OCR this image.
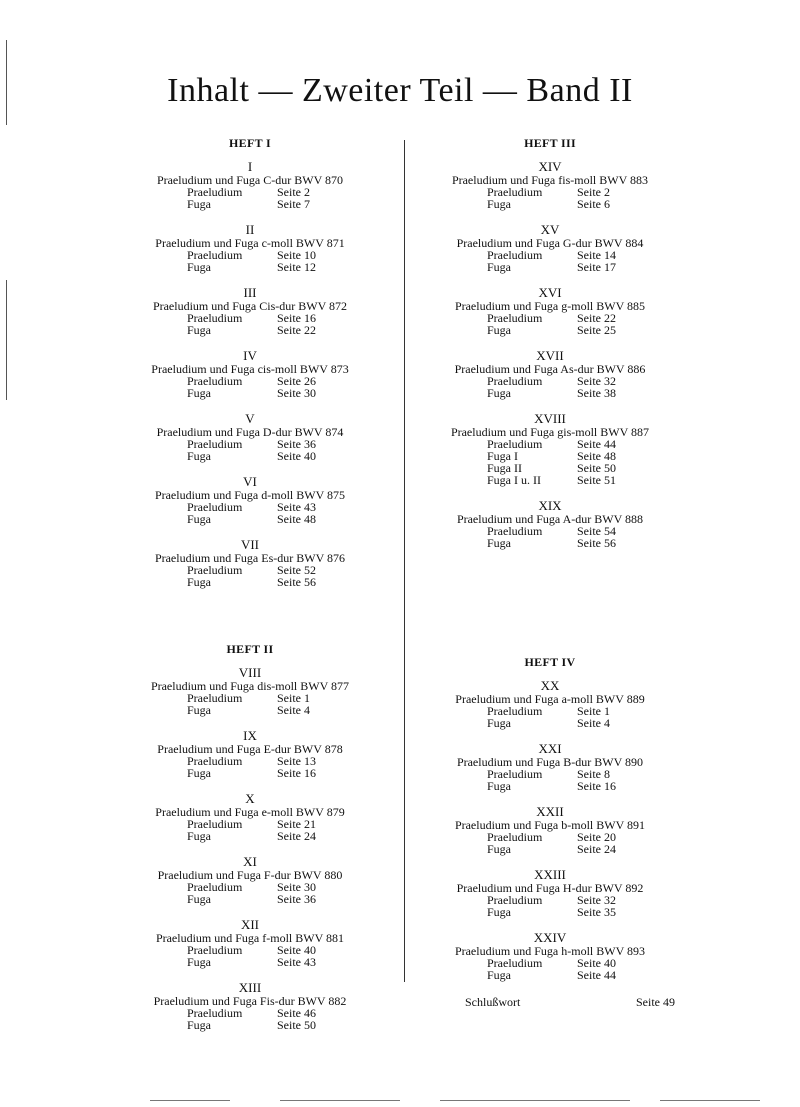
Inhalt — Zweiter Teil — Band II
HEFT I
I
Praeludium und Fuga C-dur BWV 870
Praeludium	Seite 2
Fuga	Seite 7
II
Praeludium und Fuga c-moll BWV 871
Praeludium	Seite 10
Fuga	Seite 12
III
Praeludium und Fuga Cis-dur BWV 872
Praeludium	Seite 16
Fuga	Seite 22
IV
Praeludium und Fuga cis-moll BWV 873
Praeludium	Seite 26
Fuga	Seite 30
V
Praeludium und Fuga D-dur BWV 874
Praeludium	Seite 36
Fuga	Seite 40
VI
Praeludium und Fuga d-moll BWV 875
Praeludium	Seite 43
Fuga	Seite 48
VII
Praeludium und Fuga Es-dur BWV 876
Praeludium	Seite 52
Fuga	Seite 56
HEFT II
VIII
Praeludium und Fuga dis-moll BWV 877
Praeludium	Seite 1
Fuga	Seite 4
IX
Praeludium und Fuga E-dur BWV 878
Praeludium	Seite 13
Fuga	Seite 16
X
Praeludium und Fuga e-moll BWV 879
Praeludium	Seite 21
Fuga	Seite 24
XI
Praeludium und Fuga F-dur BWV 880
Praeludium	Seite 30
Fuga	Seite 36
XII
Praeludium und Fuga f-moll BWV 881
Praeludium	Seite 40
Fuga	Seite 43
XIII
Praeludium und Fuga Fis-dur BWV 882
Praeludium	Seite 46
Fuga	Seite 50
HEFT III
XIV
Praeludium und Fuga fis-moll BWV 883
Praeludium	Seite 2
Fuga	Seite 6
XV
Praeludium und Fuga G-dur BWV 884
Praeludium	Seite 14
Fuga	Seite 17
XVI
Praeludium und Fuga g-moll BWV 885
Praeludium	Seite 22
Fuga	Seite 25
XVII
Praeludium und Fuga As-dur BWV 886
Praeludium	Seite 32
Fuga	Seite 38
XVIII
Praeludium und Fuga gis-moll BWV 887
Praeludium	Seite 44
Fuga I	Seite 48
Fuga II	Seite 50
Fuga I u. II	Seite 51
XIX
Praeludium und Fuga A-dur BWV 888
Praeludium	Seite 54
Fuga	Seite 56
HEFT IV
XX
Praeludium und Fuga a-moll BWV 889
Praeludium	Seite 1
Fuga	Seite 4
XXI
Praeludium und Fuga B-dur BWV 890
Praeludium	Seite 8
Fuga	Seite 16
XXII
Praeludium und Fuga b-moll BWV 891
Praeludium	Seite 20
Fuga	Seite 24
XXIII
Praeludium und Fuga H-dur BWV 892
Praeludium	Seite 32
Fuga	Seite 35
XXIV
Praeludium und Fuga h-moll BWV 893
Praeludium	Seite 40
Fuga	Seite 44
Schlußwort	Seite 49
